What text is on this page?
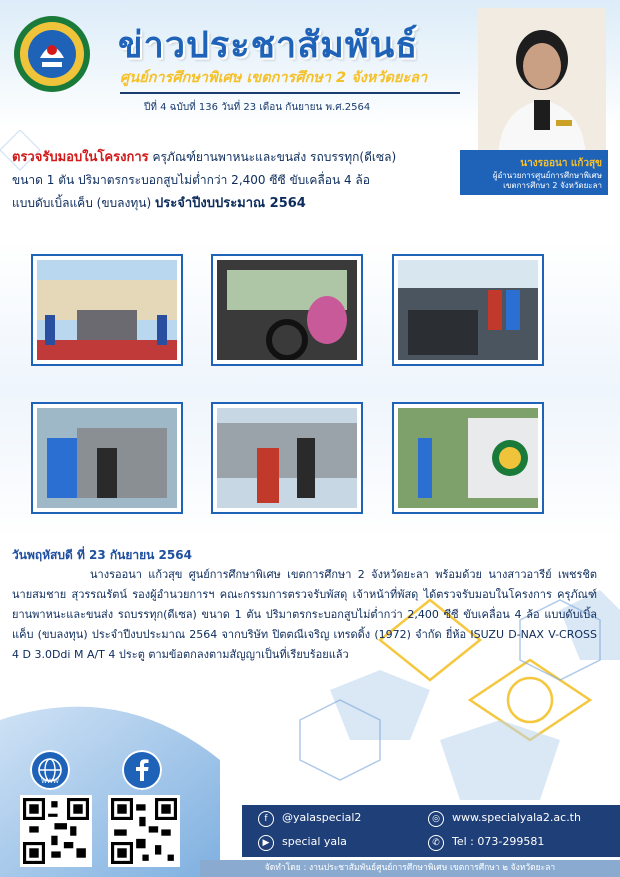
ข่าวประชาสัมพันธ์
ศูนย์การศึกษาพิเศษ เขตการศึกษา 2 จังหวัดยะลา
ปีที่ 4 ฉบับที่ 136 วันที่ 23 เดือน กันยายน พ.ศ.2564
นางรออนา แก้วสุข
ผู้อำนวยการศูนย์การศึกษาพิเศษ
เขตการศึกษา 2 จังหวัดยะลา
ตรวจรับมอบในโครงการ ครุภัณฑ์ยานพาหนะและขนส่ง รถบรรทุก(ดีเซล)
ขนาด 1 ตัน ปริมาตรกระบอกสูบไม่ต่ำกว่า 2,400 ซีซี ขับเคลื่อน 4 ล้อ
แบบดับเบิ้ลแค็บ (ขบลงทุน) ประจำปีงบประมาณ 2564
วันพฤหัสบดี ที่ 23 กันยายน 2564
นางรออนา แก้วสุข ศูนย์การศึกษาพิเศษ เขตการศึกษา 2 จังหวัดยะลา พร้อมด้วย นางสาวอารีย์ เพชรชิต นายสมชาย สุวรรณรัตน์ รองผู้อำนวยการฯ คณะกรรมการตรวจรับพัสดุ เจ้าหน้าที่พัสดุ ได้ตรวจรับมอบในโครงการ ครุภัณฑ์ยานพาหนะและขนส่ง รถบรรทุก(ดีเซล) ขนาด 1 ตัน ปริมาตรกระบอกสูบไม่ต่ำกว่า 2,400 ซีซี ขับเคลื่อน 4 ล้อ แบบดับเบิ้ลแค็บ (ขบลงทุน) ประจำปีงบประมาณ 2564 จากบริษัท ปิตตณีเจริญ เทรดดิ้ง (1972) จำกัด ยี่ห้อ ISUZU D-NAX V-CROSS 4 D 3.0Ddi M A/T 4 ประตู ตามข้อตกลงตามสัญญาเป็นที่เรียบร้อยแล้ว
WWW
f	@yalaspecial2
▶	special yala
◎	www.specialyala2.ac.th
✆	Tel : 073-299581
จัดทำโดย : งานประชาสัมพันธ์ศูนย์การศึกษาพิเศษ เขตการศึกษา ๒ จังหวัดยะลา
